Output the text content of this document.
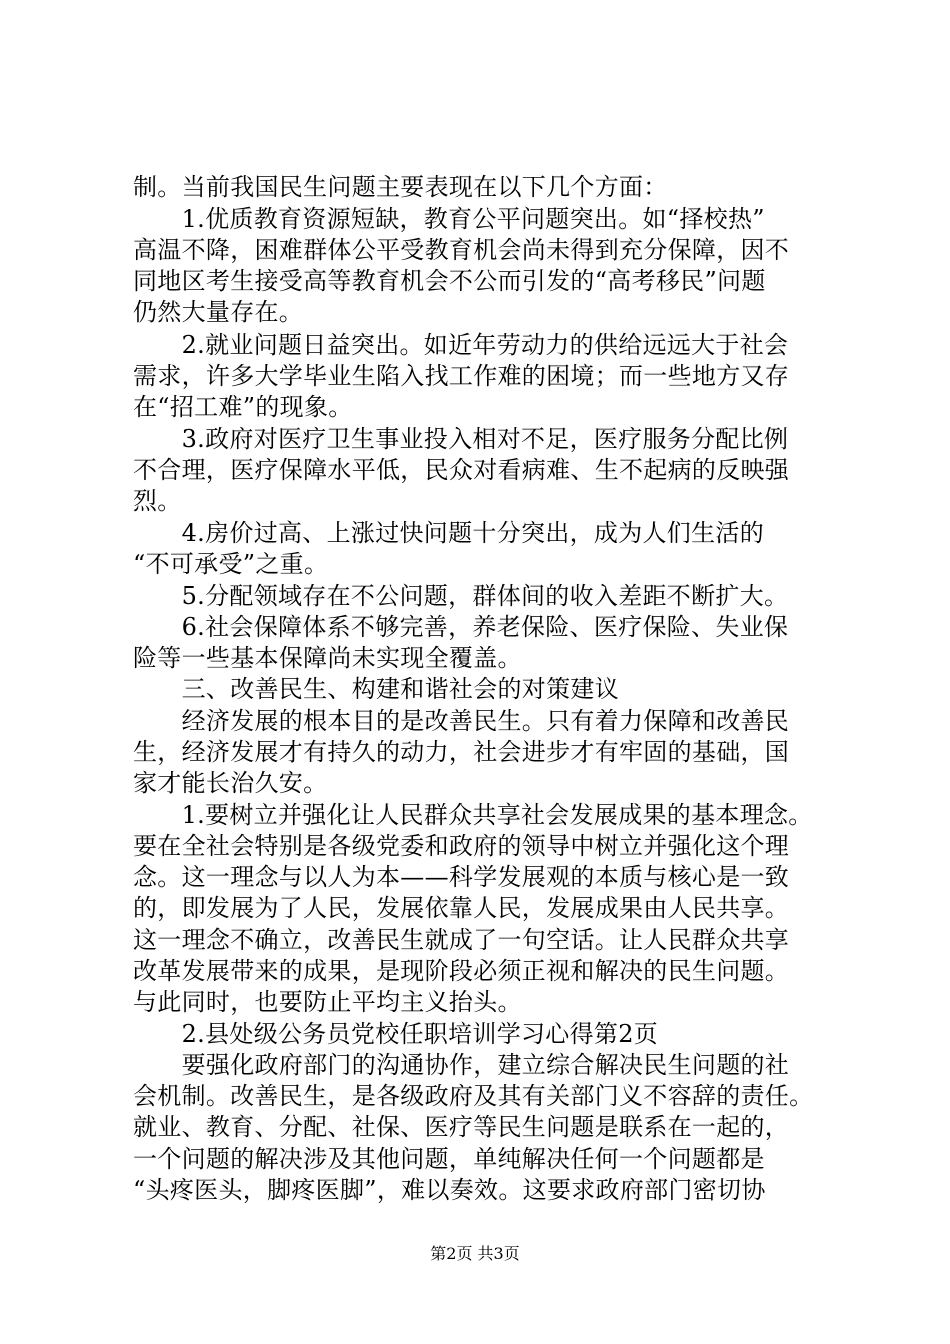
制。当前我国民生问题主要表现在以下几个方面：
　　1.优质教育资源短缺，教育公平问题突出。如“择校热”
高温不降，困难群体公平受教育机会尚未得到充分保障，因不
同地区考生接受高等教育机会不公而引发的“高考移民”问题
仍然大量存在。
　　2.就业问题日益突出。如近年劳动力的供给远远大于社会
需求，许多大学毕业生陷入找工作难的困境；而一些地方又存
在“招工难”的现象。
　　3.政府对医疗卫生事业投入相对不足，医疗服务分配比例
不合理，医疗保障水平低，民众对看病难、生不起病的反映强
烈。
　　4.房价过高、上涨过快问题十分突出，成为人们生活的
“不可承受”之重。
　　5.分配领域存在不公问题，群体间的收入差距不断扩大。
　　6.社会保障体系不够完善，养老保险、医疗保险、失业保
险等一些基本保障尚未实现全覆盖。
　　三、改善民生、构建和谐社会的对策建议
　　经济发展的根本目的是改善民生。只有着力保障和改善民
生，经济发展才有持久的动力，社会进步才有牢固的基础，国
家才能长治久安。
　　1.要树立并强化让人民群众共享社会发展成果的基本理念。
要在全社会特别是各级党委和政府的领导中树立并强化这个理
念。这一理念与以人为本——科学发展观的本质与核心是一致
的，即发展为了人民，发展依靠人民，发展成果由人民共享。
这一理念不确立，改善民生就成了一句空话。让人民群众共享
改革发展带来的成果，是现阶段必须正视和解决的民生问题。
与此同时，也要防止平均主义抬头。
　　2.县处级公务员党校任职培训学习心得第2页
　　要强化政府部门的沟通协作，建立综合解决民生问题的社
会机制。改善民生，是各级政府及其有关部门义不容辞的责任。
就业、教育、分配、社保、医疗等民生问题是联系在一起的，
一个问题的解决涉及其他问题，单纯解决任何一个问题都是
“头疼医头，脚疼医脚”，难以奏效。这要求政府部门密切协
第2页 共3页
